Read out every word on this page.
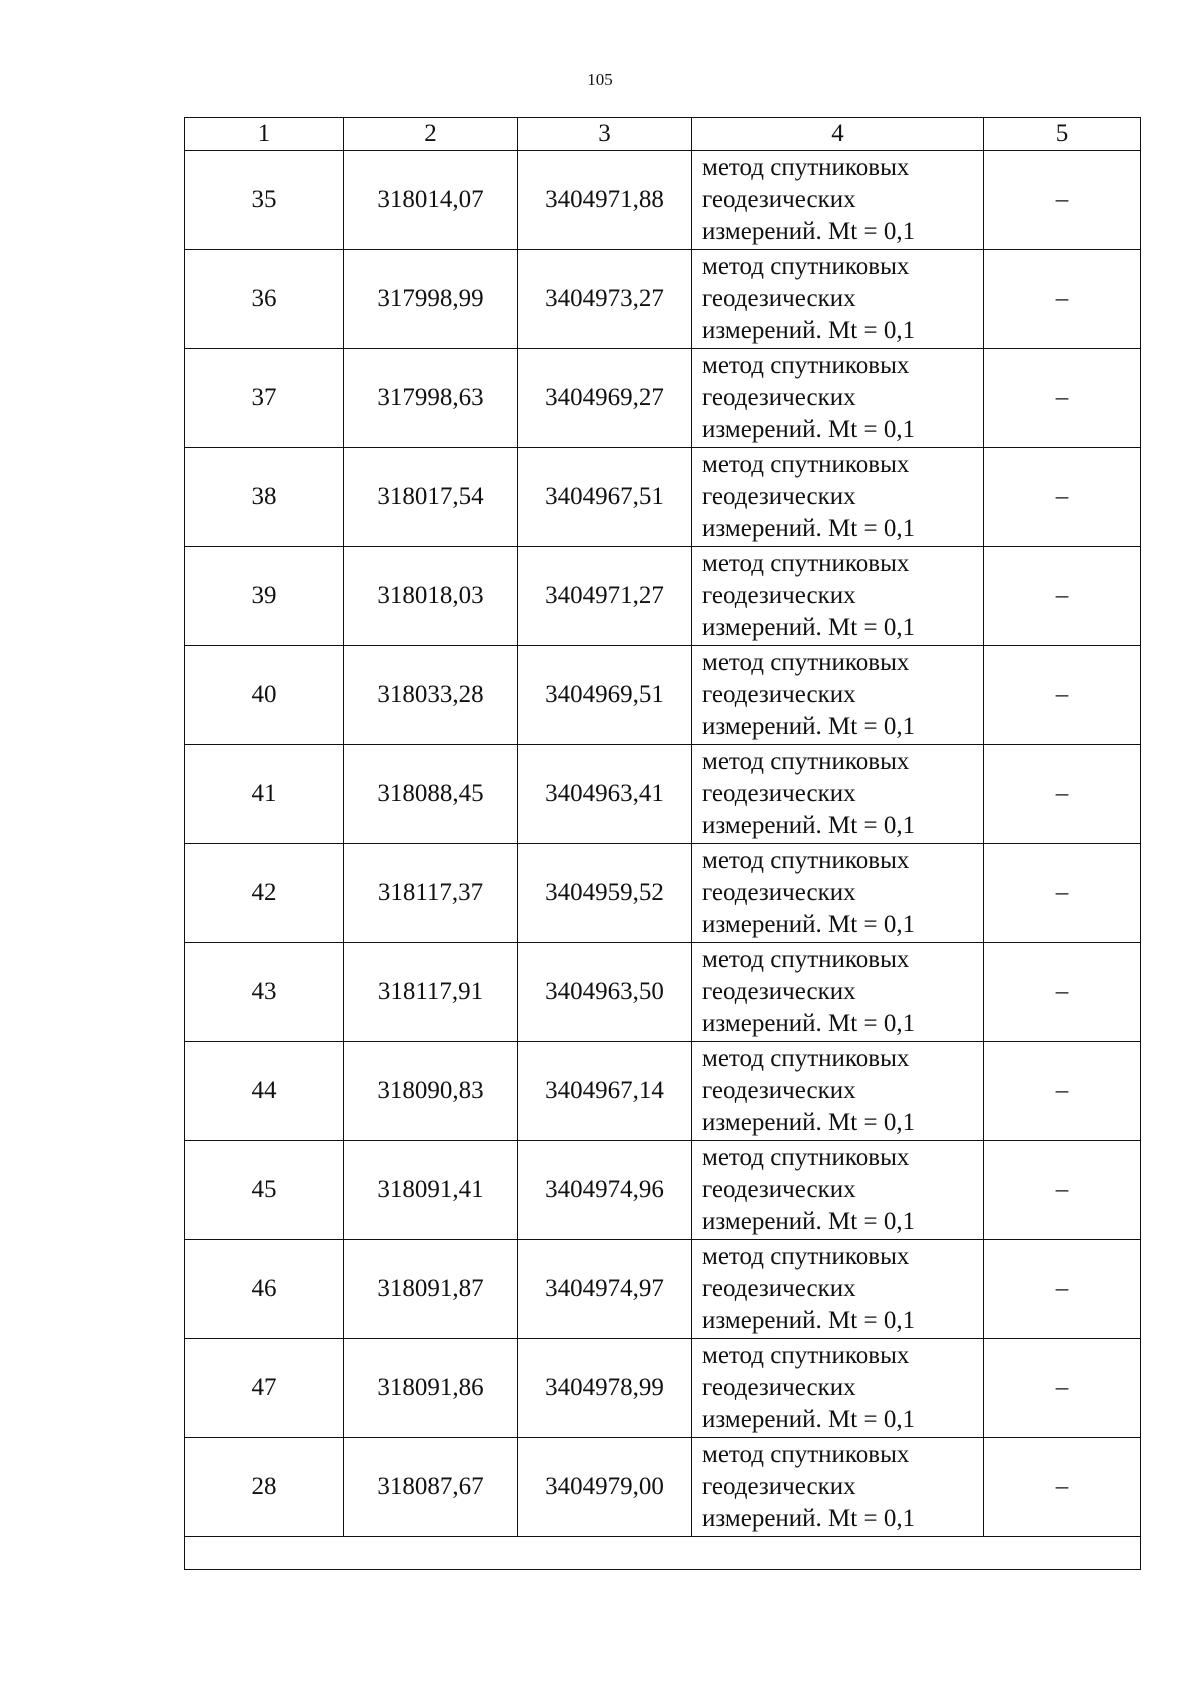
105
1	2	3	4	5
35	318014,07	3404971,88	метод спутниковых
геодезических
измерений. Mt = 0,1	–
36	317998,99	3404973,27	метод спутниковых
геодезических
измерений. Mt = 0,1	–
37	317998,63	3404969,27	метод спутниковых
геодезических
измерений. Mt = 0,1	–
38	318017,54	3404967,51	метод спутниковых
геодезических
измерений. Mt = 0,1	–
39	318018,03	3404971,27	метод спутниковых
геодезических
измерений. Mt = 0,1	–
40	318033,28	3404969,51	метод спутниковых
геодезических
измерений. Mt = 0,1	–
41	318088,45	3404963,41	метод спутниковых
геодезических
измерений. Mt = 0,1	–
42	318117,37	3404959,52	метод спутниковых
геодезических
измерений. Mt = 0,1	–
43	318117,91	3404963,50	метод спутниковых
геодезических
измерений. Mt = 0,1	–
44	318090,83	3404967,14	метод спутниковых
геодезических
измерений. Mt = 0,1	–
45	318091,41	3404974,96	метод спутниковых
геодезических
измерений. Mt = 0,1	–
46	318091,87	3404974,97	метод спутниковых
геодезических
измерений. Mt = 0,1	–
47	318091,86	3404978,99	метод спутниковых
геодезических
измерений. Mt = 0,1	–
28	318087,67	3404979,00	метод спутниковых
геодезических
измерений. Mt = 0,1	–
